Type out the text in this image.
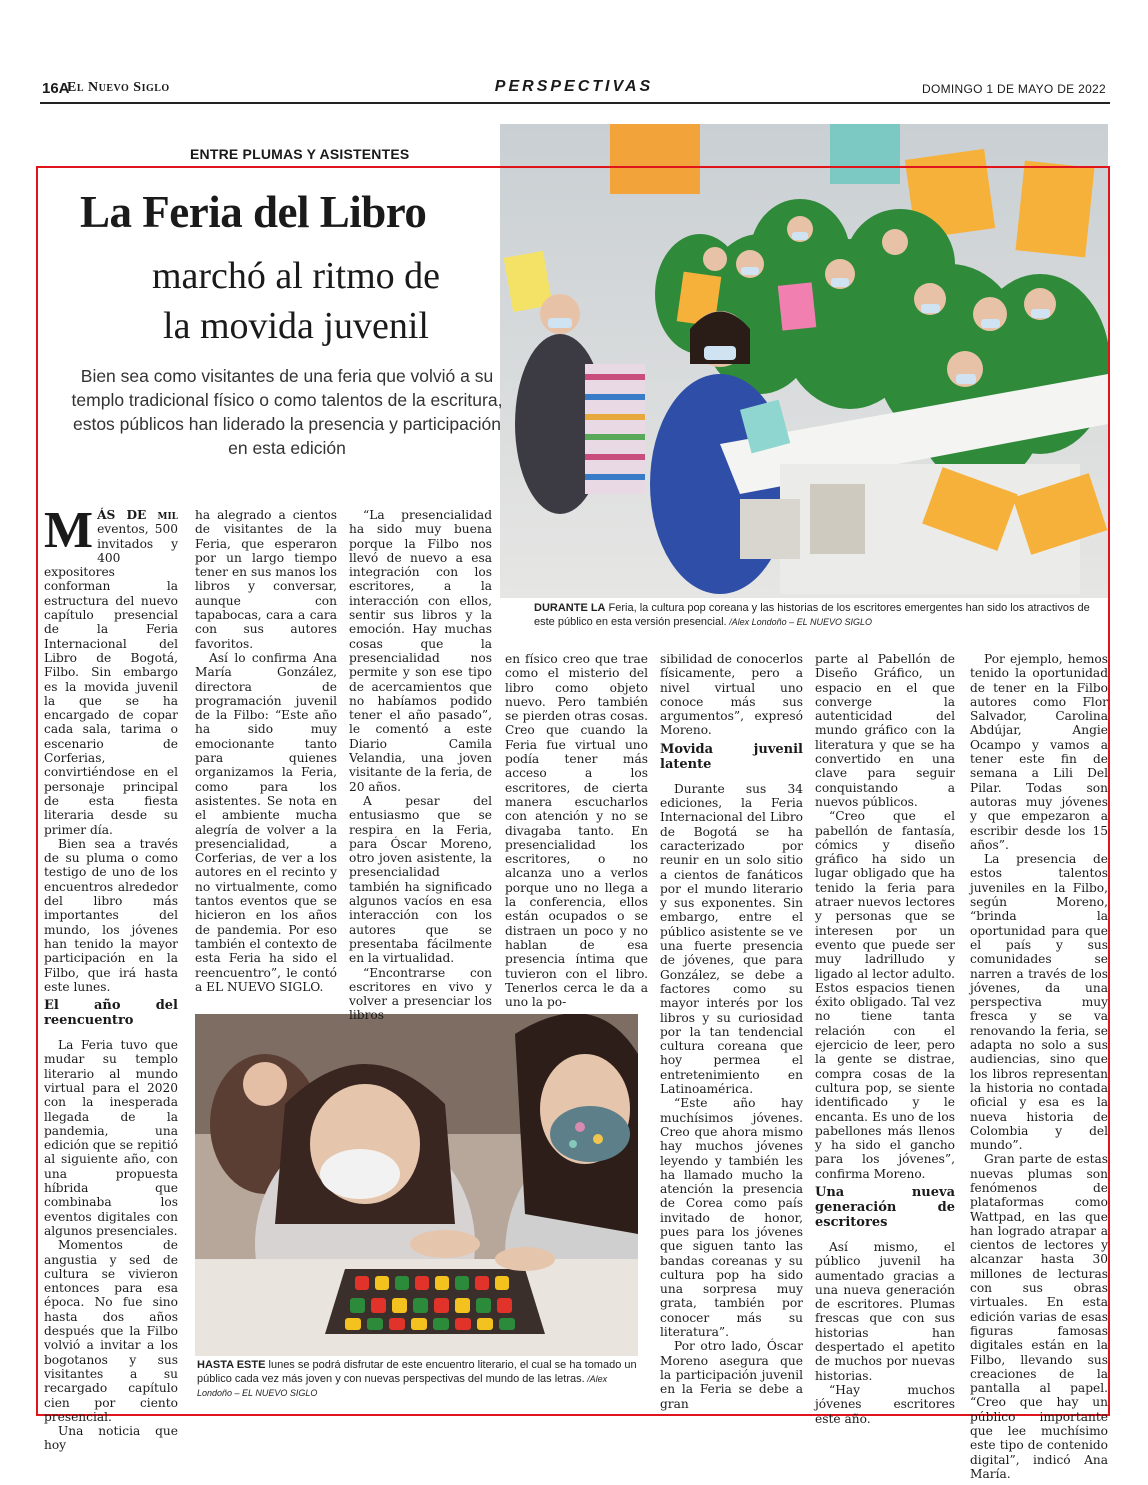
16A
El Nuevo Siglo	PERSPECTIVAS	DOMINGO 1 DE MAYO DE 2022
ENTRE PLUMAS Y ASISTENTES
La Feria del Libro
marchó al ritmo de
la movida juvenil
Bien sea como visitantes de una feria que volvió a su templo tradicional físico o como talentos de la escritura, estos públicos han liderado la presencia y participación en esta edición
DURANTE LA Feria, la cultura pop coreana y las historias de los escritores emergentes han sido los atractivos de este público en esta versión presencial. /Alex Londoño – EL NUEVO SIGLO
HASTA ESTE lunes se podrá disfrutar de este encuentro literario, el cual se ha tomado un público cada vez más joven y con nuevas perspectivas del mundo de las letras. /Alex Londoño – EL NUEVO SIGLO

MÁS DE mil eventos, 500 invitados y 400 expositores conforman la estructura del nuevo capítulo presencial de la Feria Internacional del Libro de Bogotá, Filbo. Sin embargo es la movida juvenil la que se ha encargado de copar cada sala, tarima o escenario de Corferias, convirtiéndose en el personaje principal de esta fiesta literaria desde su primer día.

Bien sea a través de su pluma o como testigo de uno de los encuentros alrededor del libro más importantes del mundo, los jóvenes han tenido la mayor participación en la Filbo, que irá hasta este lunes.

El año del reencuentro

La Feria tuvo que mudar su templo literario al mundo virtual para el 2020 con la inesperada llegada de la pandemia, una edición que se repitió al siguiente año, con una propuesta híbrida que combinaba los eventos digitales con algunos presenciales.

Momentos de angustia y sed de cultura se vivieron entonces para esa época. No fue sino hasta dos años después que la Filbo volvió a invitar a los bogotanos y sus visitantes a su recargado capítulo cien por ciento presencial.

Una noticia que hoy

ha alegrado a cientos de visitantes de la Feria, que esperaron por un largo tiempo tener en sus manos los libros y conversar, aunque con tapabocas, cara a cara con sus autores favoritos.

Así lo confirma Ana María González, directora de programación juvenil de la Filbo: “Este año ha sido muy emocionante tanto para quienes organizamos la Feria, como para los asistentes. Se nota en el ambiente mucha alegría de volver a la presencialidad, a Corferias, de ver a los autores en el recinto y no virtualmente, como tantos eventos que se hicieron en los años de pandemia. Por eso también el contexto de esta Feria ha sido el reencuentro”, le contó a EL NUEVO SIGLO.

“La presencialidad ha sido muy buena porque la Filbo nos llevó de nuevo a esa integración con los escritores, a la interacción con ellos, sentir sus libros y la emoción. Hay muchas cosas que la presencialidad nos permite y son ese tipo de acercamientos que no habíamos podido tener el año pasado”, le comentó a este Diario Camila Velandia, una joven visitante de la feria, de 20 años.

A pesar del entusiasmo que se respira en la Feria, para Óscar Moreno, otro joven asistente, la presencialidad también ha significado algunos vacíos en esa interacción con los autores que se presentaba fácilmente en la virtualidad.

“Encontrarse con escritores en vivo y volver a presenciar los libros

en físico creo que trae como el misterio del libro como objeto nuevo. Pero también se pierden otras cosas. Creo que cuando la Feria fue virtual uno podía tener más acceso a los escritores, de cierta manera escucharlos con atención y no se divagaba tanto. En presencialidad los escritores, o no alcanza uno a verlos porque uno no llega a la conferencia, ellos están ocupados o se distraen un poco y no hablan de esa presencia íntima que tuvieron con el libro. Tenerlos cerca le da a uno la po-

sibilidad de conocerlos físicamente, pero a nivel virtual uno conoce más sus argumentos”, expresó Moreno.

Movida juvenil latente

Durante sus 34 ediciones, la Feria Internacional del Libro de Bogotá se ha caracterizado por reunir en un solo sitio a cientos de fanáticos por el mundo literario y sus exponentes. Sin embargo, entre el público asistente se ve una fuerte presencia de jóvenes, que para González, se debe a factores como su mayor interés por los libros y su curiosidad por la tan tendencial cultura coreana que hoy permea el entretenimiento en Latinoamérica.

“Este año hay muchísimos jóvenes. Creo que ahora mismo hay muchos jóvenes leyendo y también les ha llamado mucho la atención la presencia de Corea como país invitado de honor, pues para los jóvenes que siguen tanto las bandas coreanas y su cultura pop ha sido una sorpresa muy grata, también por conocer más su literatura”.

Por otro lado, Óscar Moreno asegura que la participación juvenil en la Feria se debe a gran

parte al Pabellón de Diseño Gráfico, un espacio en el que converge la autenticidad del mundo gráfico con la literatura y que se ha convertido en una clave para seguir conquistando a nuevos públicos.

“Creo que el pabellón de fantasía, cómics y diseño gráfico ha sido un lugar obligado que ha tenido la feria para atraer nuevos lectores y personas que se interesen por un evento que puede ser muy ladrilludo y ligado al lector adulto. Estos espacios tienen éxito obligado. Tal vez no tiene tanta relación con el ejercicio de leer, pero la gente se distrae, compra cosas de la cultura pop, se siente identificado y le encanta. Es uno de los pabellones más llenos y ha sido el gancho para los jóvenes”, confirma Moreno.

Una nueva generación de escritores

Así mismo, el público juvenil ha aumentado gracias a una nueva generación de escritores. Plumas frescas que con sus historias han despertado el apetito de muchos por nuevas historias.

“Hay muchos jóvenes escritores este año.

Por ejemplo, hemos tenido la oportunidad de tener en la Filbo autores como Flor Salvador, Carolina Abdújar, Angie Ocampo y vamos a tener este fin de semana a Lili Del Pilar. Todas son autoras muy jóvenes y que empezaron a escribir desde los 15 años”.

La presencia de estos talentos juveniles en la Filbo, según Moreno, “brinda la oportunidad para que el país y sus comunidades se narren a través de los jóvenes, da una perspectiva muy fresca y se va renovando la feria, se adapta no solo a sus audiencias, sino que los libros representan la historia no contada oficial y esa es la nueva historia de Colombia y del mundo”.

Gran parte de estas nuevas plumas son fenómenos de plataformas como Wattpad, en las que han logrado atrapar a cientos de lectores y alcanzar hasta 30 millones de lecturas con sus obras virtuales. En esta edición varias de esas figuras famosas digitales están en la Filbo, llevando sus creaciones de la pantalla al papel. “Creo que hay un público importante que lee muchísimo este tipo de contenido digital”, indicó Ana María.
